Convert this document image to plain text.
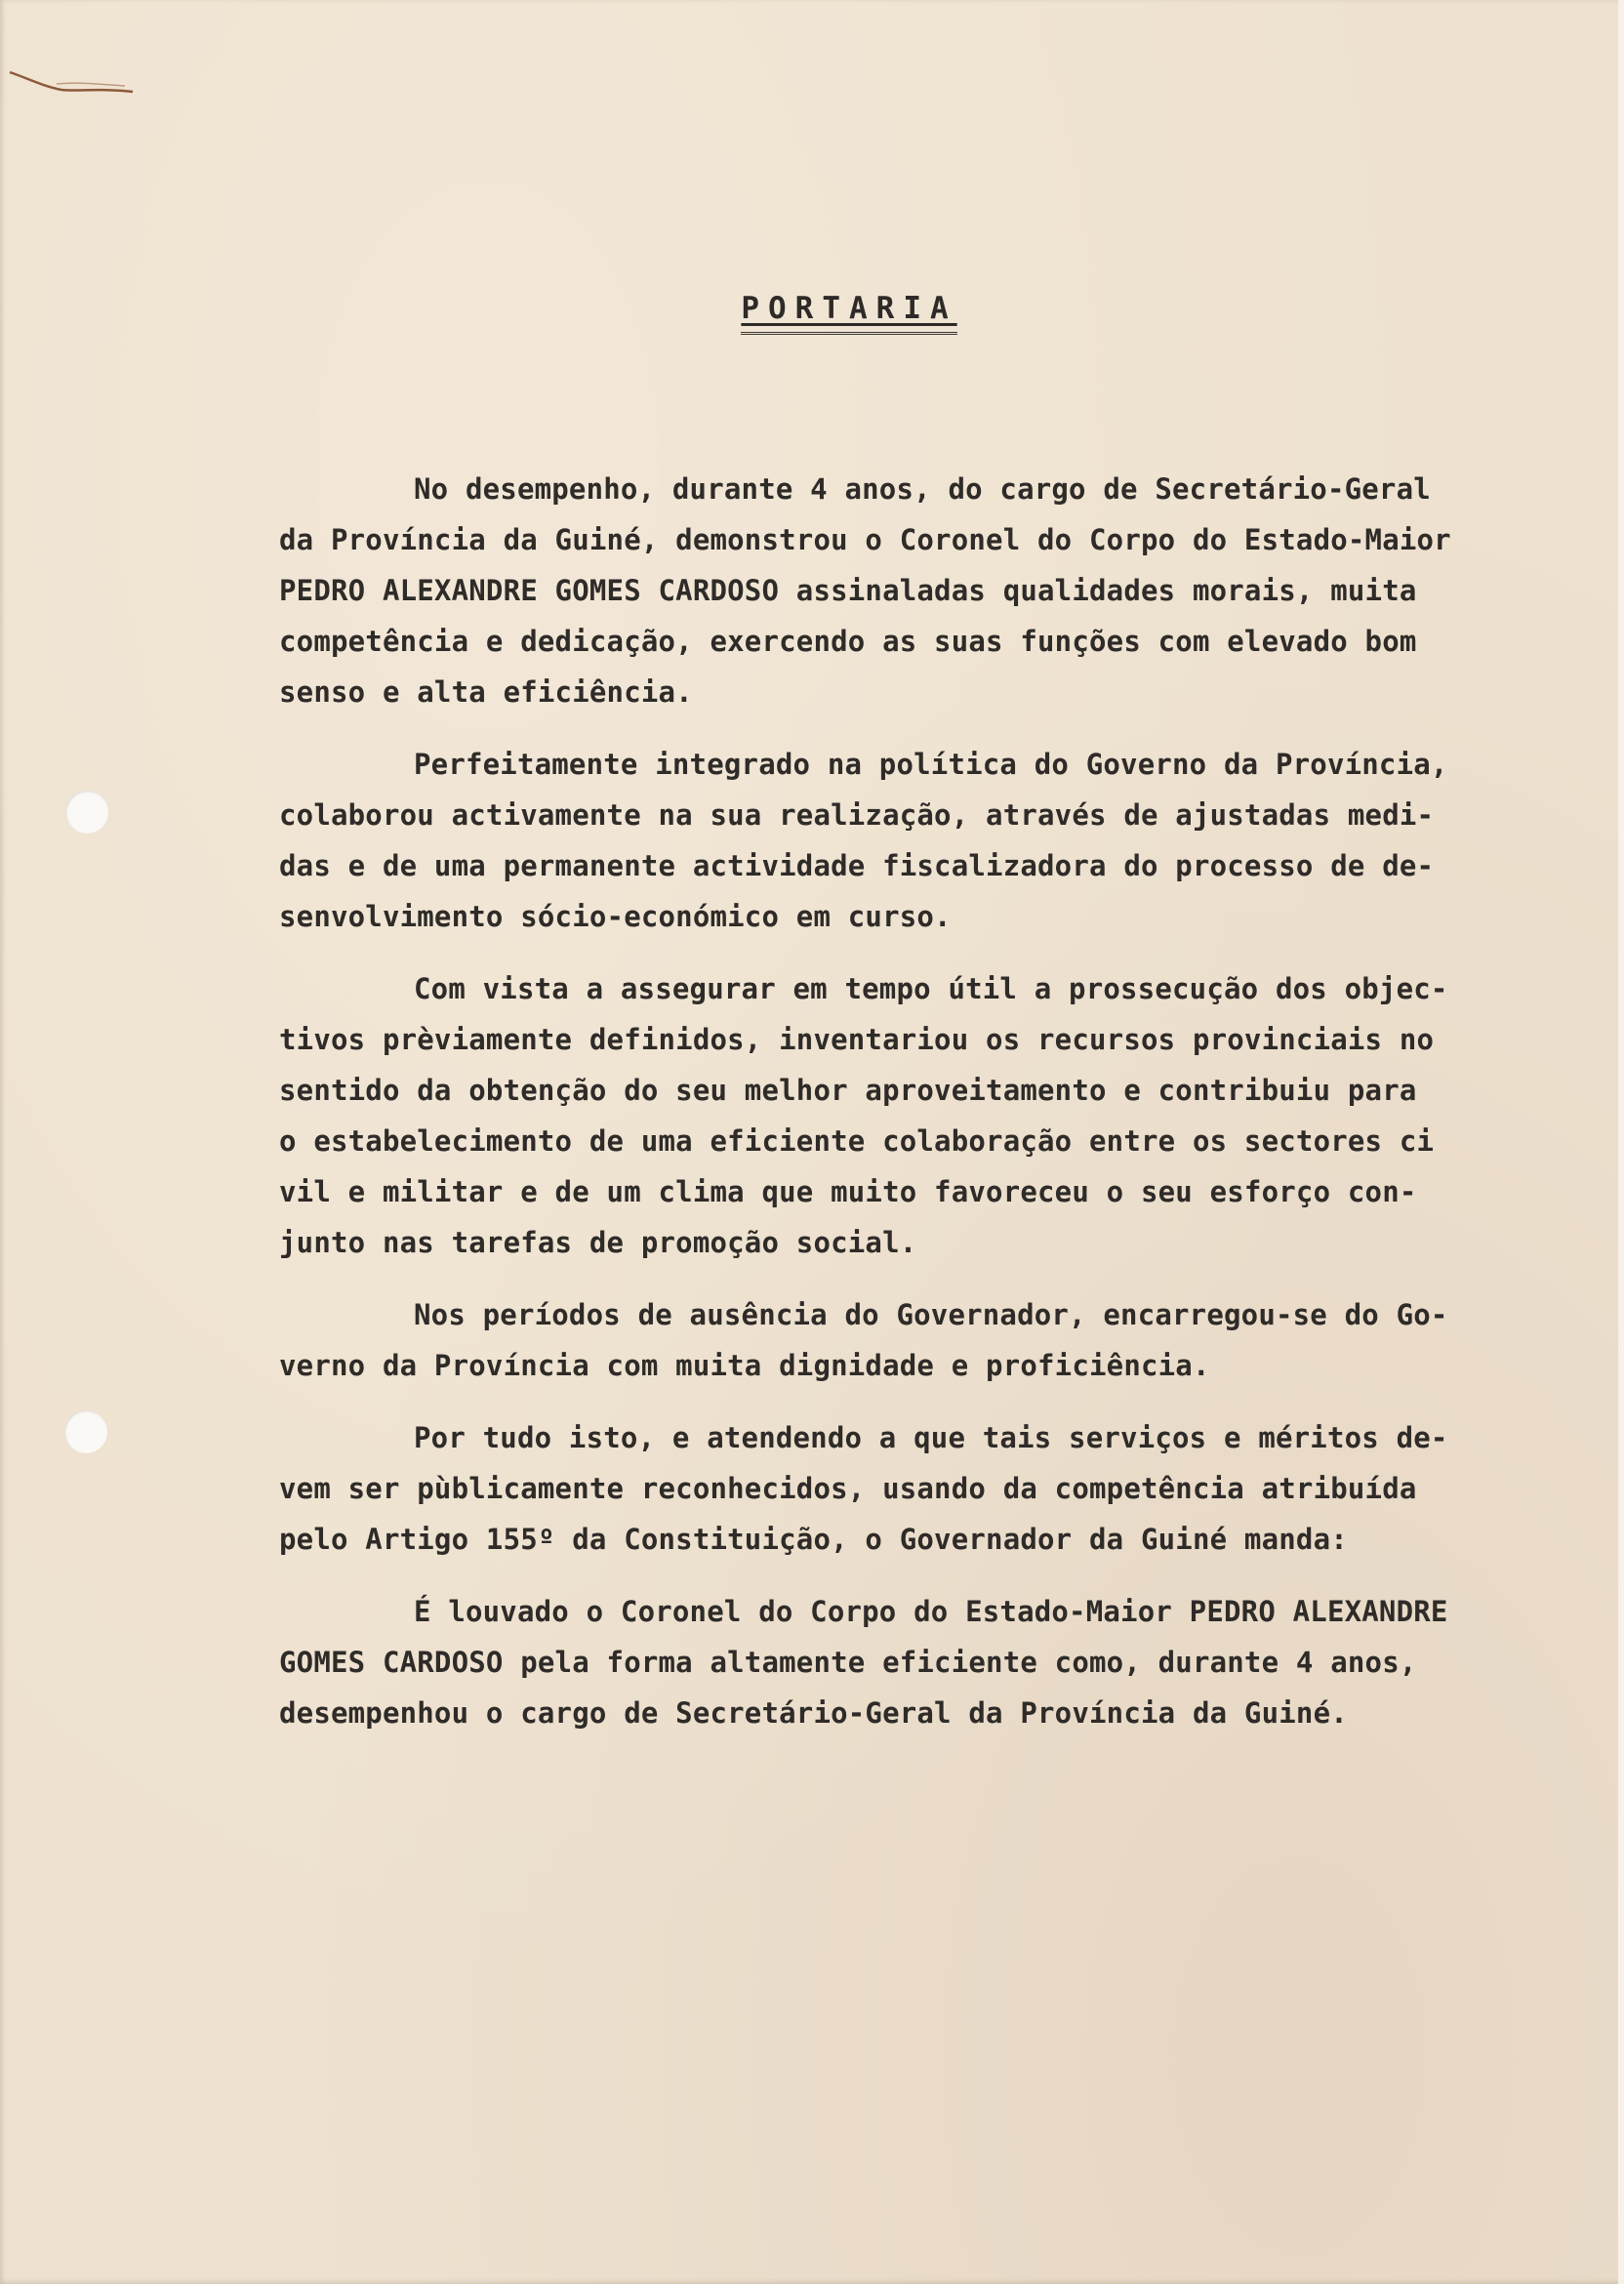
PORTARIA

No desempenho, durante 4 anos, do cargo de Secretário-Geral
da Província da Guiné, demonstrou o Coronel do Corpo do Estado-Maior
PEDRO ALEXANDRE GOMES CARDOSO assinaladas qualidades morais, muita
competência e dedicação, exercendo as suas funções com elevado bom
senso e alta eficiência.

Perfeitamente integrado na política do Governo da Província,
colaborou activamente na sua realização, através de ajustadas medi-
das e de uma permanente actividade fiscalizadora do processo de de-
senvolvimento sócio-económico em curso.

Com vista a assegurar em tempo útil a prossecução dos objec-
tivos prèviamente definidos, inventariou os recursos provinciais no
sentido da obtenção do seu melhor aproveitamento e contribuiu para
o estabelecimento de uma eficiente colaboração entre os sectores ci
vil e militar e de um clima que muito favoreceu o seu esforço con-
junto nas tarefas de promoção social.

Nos períodos de ausência do Governador, encarregou-se do Go-
verno da Província com muita dignidade e proficiência.

Por tudo isto, e atendendo a que tais serviços e méritos de-
vem ser pùblicamente reconhecidos, usando da competência atribuída
pelo Artigo 155º da Constituição, o Governador da Guiné manda:

É louvado o Coronel do Corpo do Estado-Maior PEDRO ALEXANDRE
GOMES CARDOSO pela forma altamente eficiente como, durante 4 anos,
desempenhou o cargo de Secretário-Geral da Província da Guiné.
